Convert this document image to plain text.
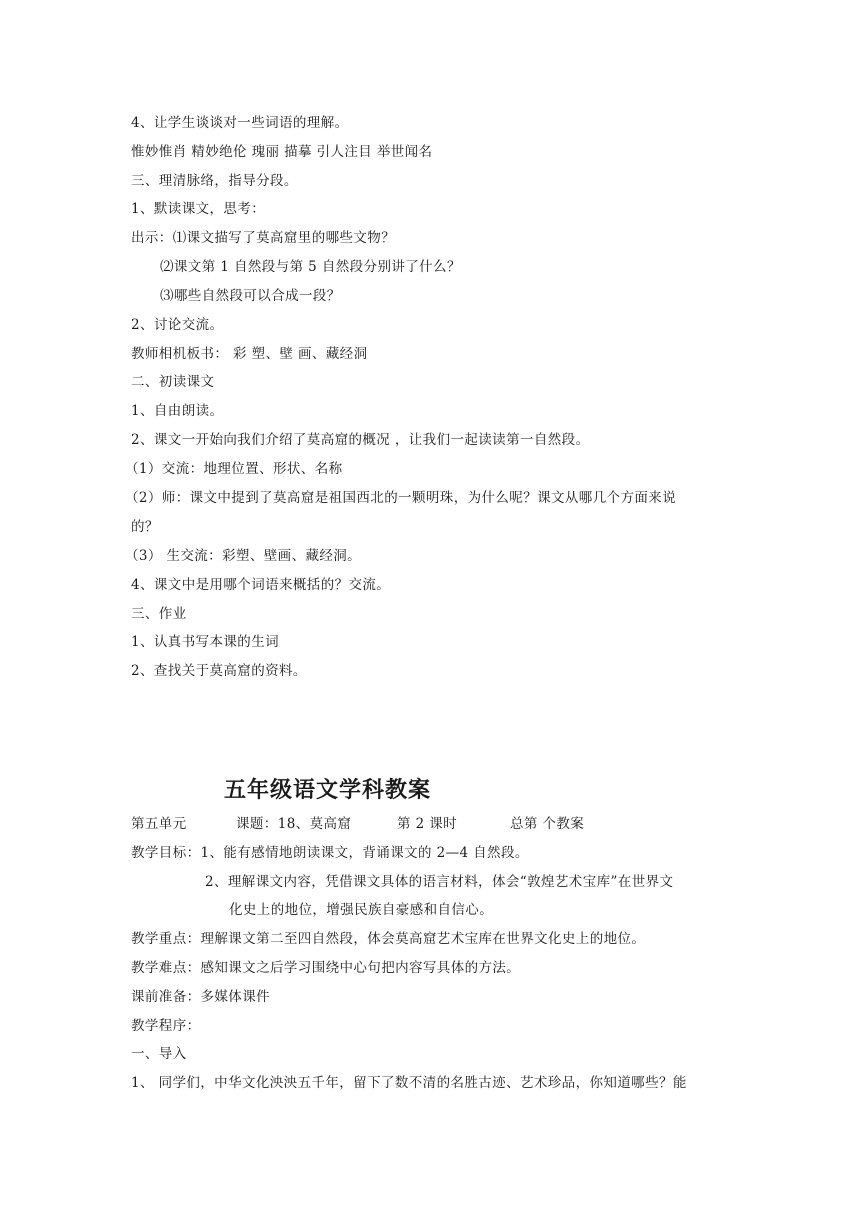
4、让学生谈谈对一些词语的理解。
惟妙惟肖 精妙绝伦 瑰丽 描摹 引人注目 举世闻名
三、理清脉络，指导分段。
1、默读课文，思考：
出示：⑴课文描写了莫高窟里的哪些文物？
⑵课文第 1 自然段与第 5 自然段分别讲了什么？
⑶哪些自然段可以合成一段？
2、讨论交流。
教师相机板书： 彩 塑、壁 画、藏经洞
二、初读课文
1、自由朗读。
2、课文一开始向我们介绍了莫高窟的概况 ，让我们一起读读第一自然段。
（1）交流：地理位置、形状、名称
（2）师：课文中提到了莫高窟是祖国西北的一颗明珠，为什么呢？课文从哪几个方面来说
的？
（3） 生交流：彩塑、壁画、藏经洞。
4、课文中是用哪个词语来概括的？交流。
三、作业
1、认真书写本课的生词
2、查找关于莫高窟的资料。
五年级语文学科教案
第五单元	课题：18、莫高窟	第 2 课时	总第 个教案
教学目标：1、能有感情地朗读课文，背诵课文的 2—4 自然段。
2、理解课文内容，凭借课文具体的语言材料，体会“敦煌艺术宝库”在世界文
化史上的地位，增强民族自豪感和自信心。
教学重点：理解课文第二至四自然段，体会莫高窟艺术宝库在世界文化史上的地位。
教学难点：感知课文之后学习围绕中心句把内容写具体的方法。
课前准备：多媒体课件
教学程序：
一、导入
1、 同学们，中华文化泱泱五千年，留下了数不清的名胜古迹、艺术珍品，你知道哪些？能
